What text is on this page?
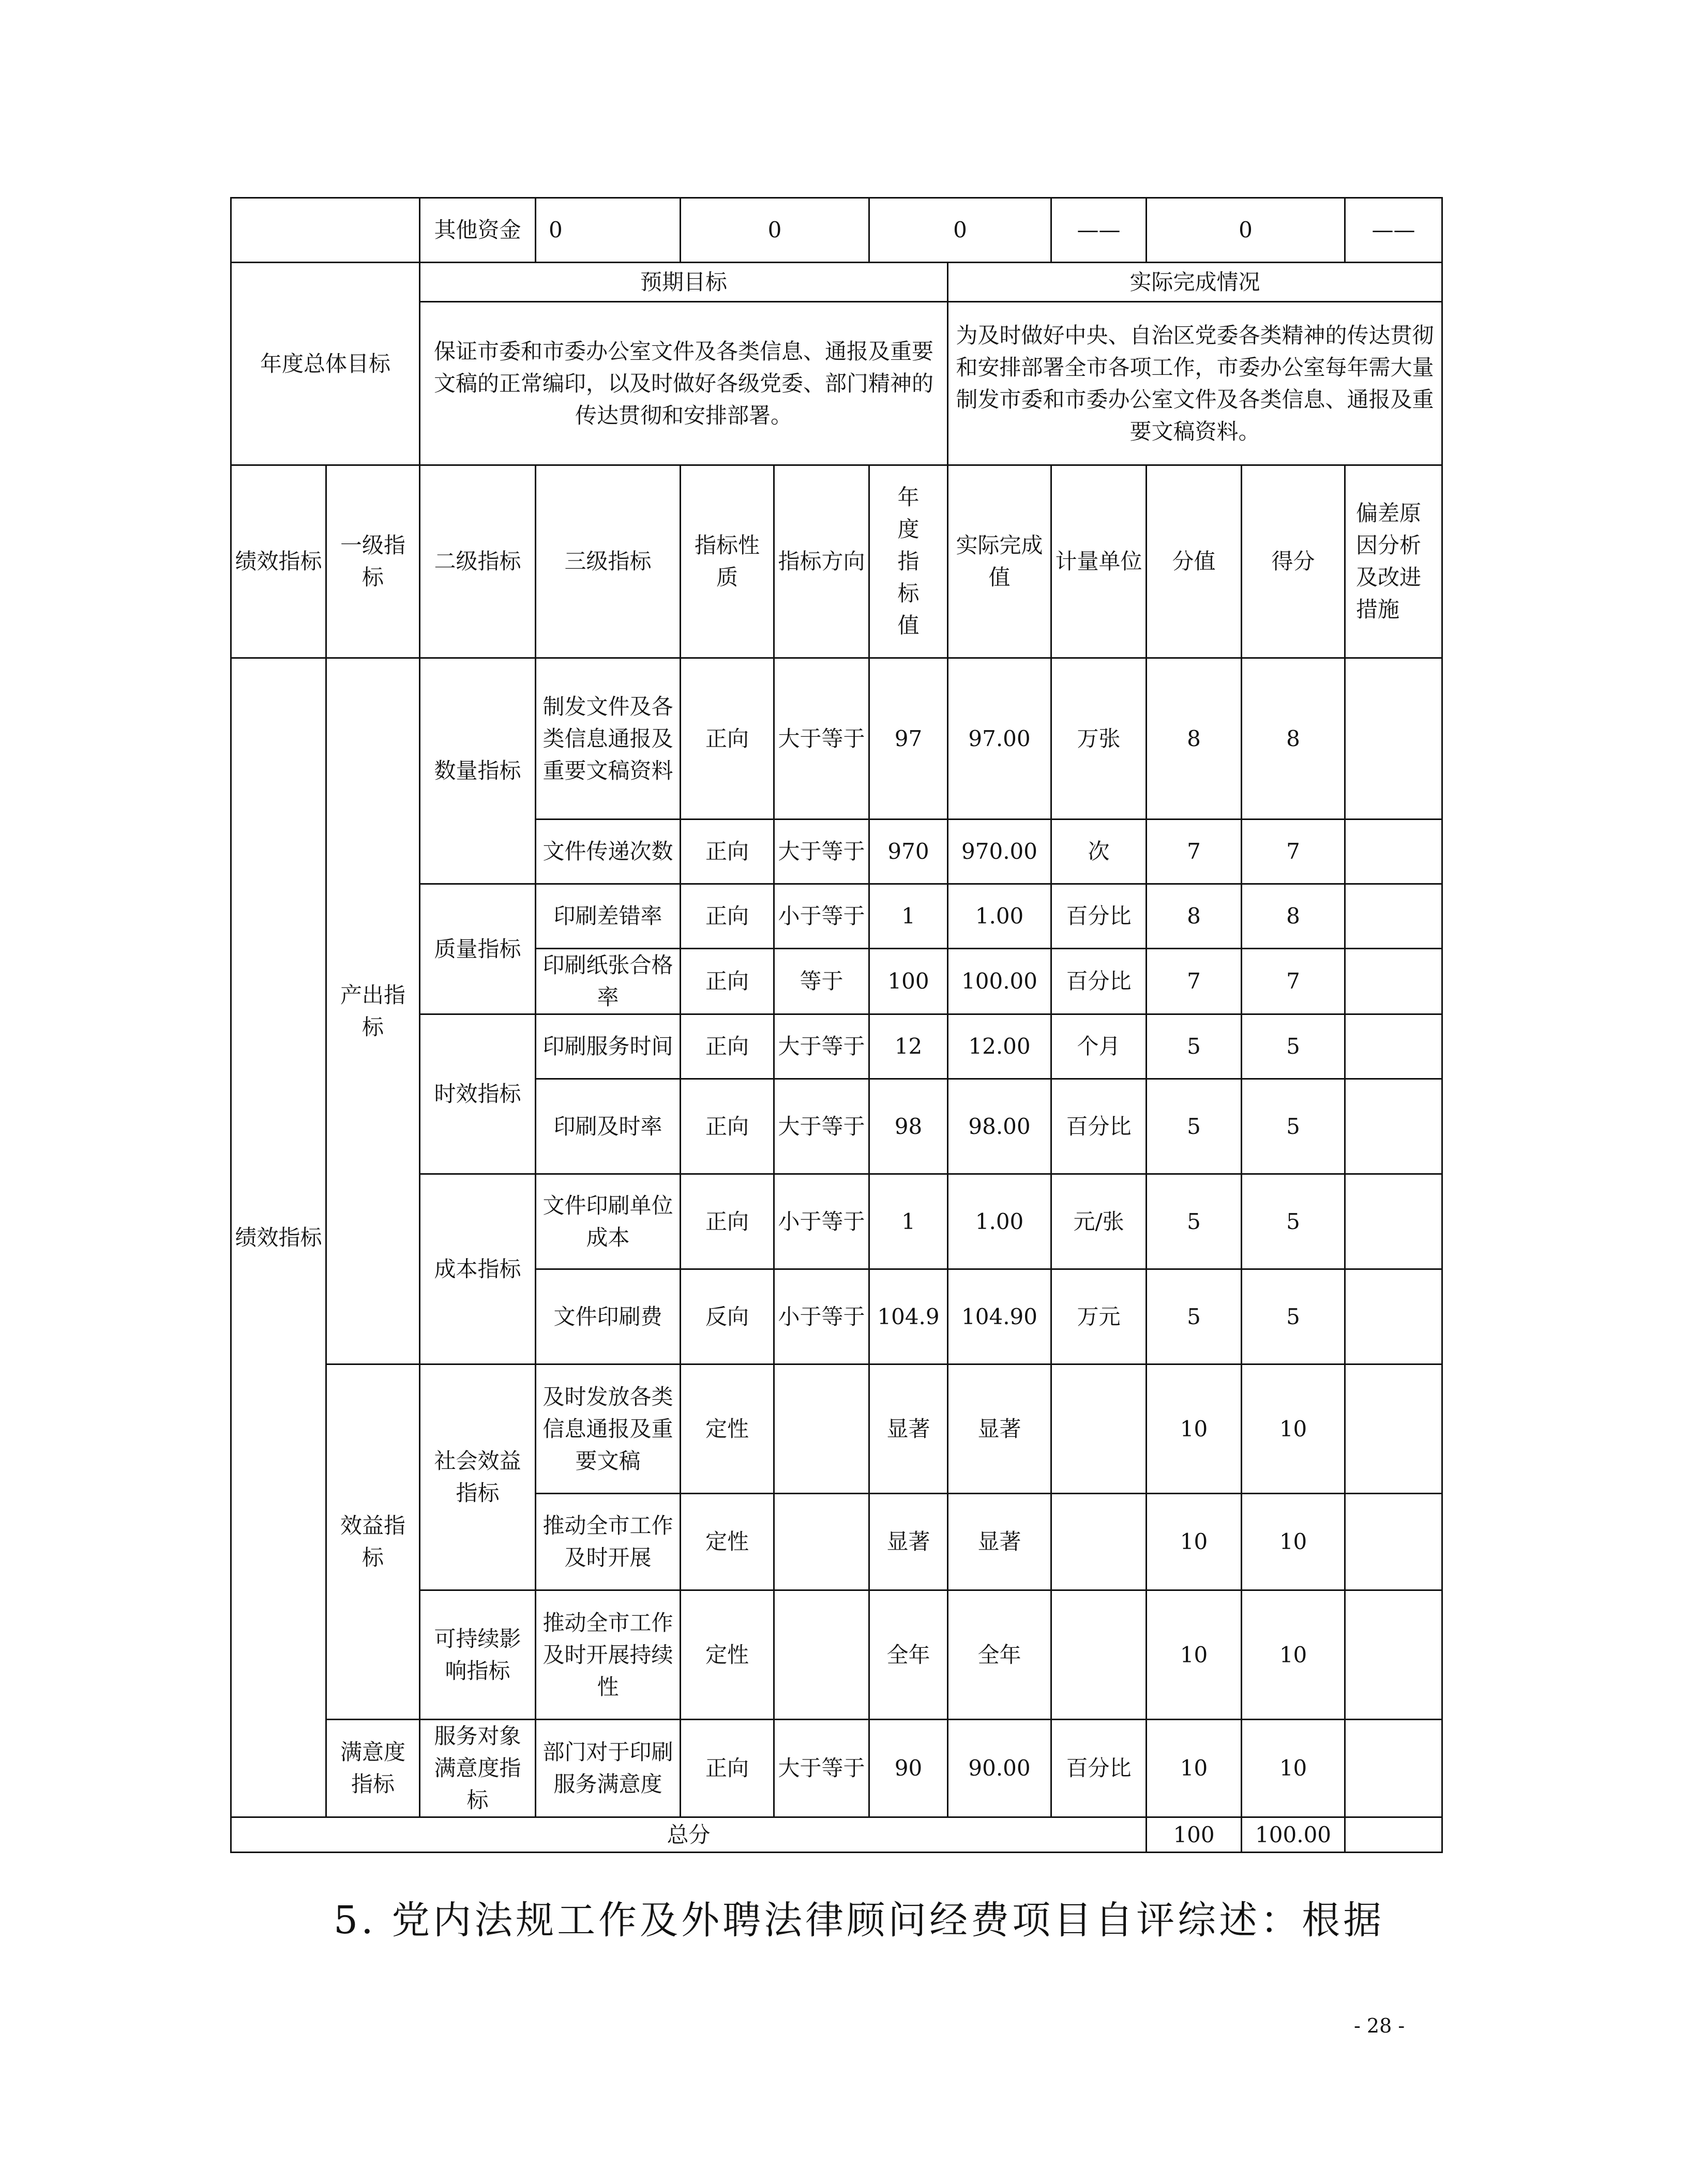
		其他资金	0	0		0		——	0		——
年度总体目标		预期目标					实际完成情况				
		保证市委和市委办公室文件及各类信息、通报及重要文稿的正常编印，以及时做好各级党委、部门精神的传达贯彻和安排部署。					为及时做好中央、自治区党委各类精神的传达贯彻和安排部署全市各项工作，市委办公室每年需大量制发市委和市委办公室文件及各类信息、通报及重要文稿资料。				
绩效指标	一级指标	二级指标	三级指标	指标性质	指标方向	年度指标值	实际完成值	计量单位	分值	得分	偏差原因分析及改进措施
绩效指标	产出指标	数量指标	制发文件及各类信息通报及重要文稿资料	正向	大于等于	97	97.00	万张	8	8	
			文件传递次数	正向	大于等于	970	970.00	次	7	7	
		质量指标	印刷差错率	正向	小于等于	1	1.00	百分比	8	8	
			印刷纸张合格率	正向	等于	100	100.00	百分比	7	7	
		时效指标	印刷服务时间	正向	大于等于	12	12.00	个月	5	5	
			印刷及时率	正向	大于等于	98	98.00	百分比	5	5	
		成本指标	文件印刷单位成本	正向	小于等于	1	1.00	元/张	5	5	
			文件印刷费	反向	小于等于	104.9	104.90	万元	5	5	
	效益指标	社会效益指标	及时发放各类信息通报及重要文稿	定性		显著	显著		10	10	
			推动全市工作及时开展	定性		显著	显著		10	10	
		可持续影响指标	推动全市工作及时开展持续性	定性		全年	全年		10	10	
	满意度指标	服务对象满意度指标	部门对于印刷服务满意度	正向	大于等于	90	90.00	百分比	10	10	
总分									100	100.00	
5. 党内法规工作及外聘法律顾问经费项目自评综述：根据
- 28 -
